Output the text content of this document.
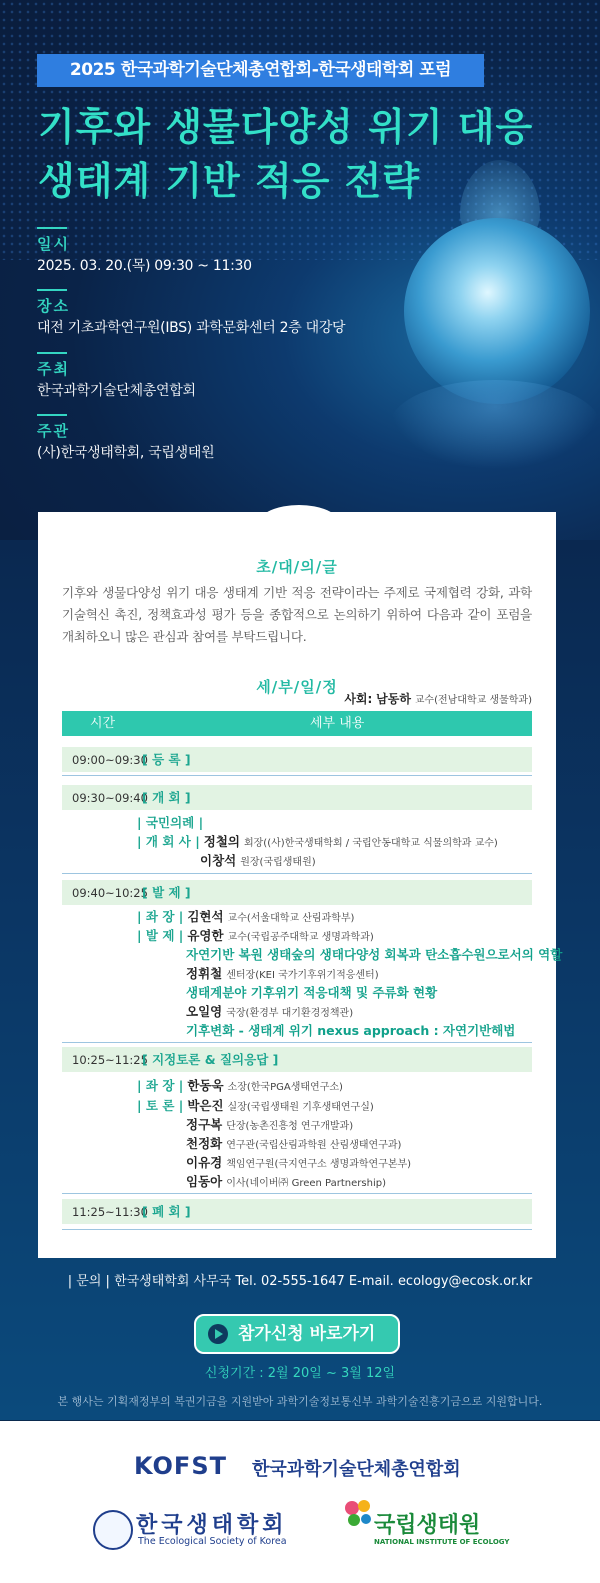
2025 한국과학기술단체총연합회-한국생태학회 포럼
기후와 생물다양성 위기 대응
생태계 기반 적응 전략
일시
2025. 03. 20.(목) 09:30 ~ 11:30
장소
대전 기초과학연구원(IBS) 과학문화센터 2층 대강당
주최
한국과학기술단체총연합회
주관
(사)한국생태학회, 국립생태원
초/대/의/글
기후와 생물다양성 위기 대응 생태계 기반 적응 전략이라는 주제로 국제협력 강화, 과학기술혁신 촉진, 정책효과성 평가 등을 종합적으로 논의하기 위하여 다음과 같이 포럼을 개최하오니 많은 관심과 참여를 부탁드립니다.
세/부/일/정
사회: 남동하 교수(전남대학교 생물학과)
시간	세부 내용
09:00~09:30
[ 등 록 ]
09:30~09:40
[ 개 회 ]
| 국민의례 |
| 개 회 사 | 정철의 회장((사)한국생태학회 / 국립안동대학교 식물의학과 교수)
이창석 원장(국립생태원)
09:40~10:25
[ 발 제 ]
| 좌 장 | 김현석 교수(서울대학교 산림과학부)
| 발 제 | 유영한 교수(국립공주대학교 생명과학과)
자연기반 복원 생태숲의 생태다양성 회복과 탄소흡수원으로서의 역할
정휘철 센터장(KEI 국가기후위기적응센터)
생태계분야 기후위기 적응대책 및 주류화 현황
오일영 국장(환경부 대기환경정책관)
기후변화 - 생태계 위기 nexus approach : 자연기반해법
10:25~11:25
[ 지정토론 & 질의응답 ]
| 좌 장 | 한동욱 소장(한국PGA생태연구소)
| 토 론 | 박은진 실장(국립생태원 기후생태연구실)
정구복 단장(농촌진흥청 연구개발과)
천정화 연구관(국립산림과학원 산림생태연구과)
이유경 책임연구원(극지연구소 생명과학연구본부)
임동아 이사(네이버㈜ Green Partnership)
11:25~11:30
[ 폐 회 ]
| 문의 | 한국생태학회 사무국 Tel. 02-555-1647 E-mail. ecology@ecosk.or.kr
참가신청 바로가기
신청기간 : 2월 20일 ~ 3월 12일
본 행사는 기획재정부의 복권기금을 지원받아 과학기술정보통신부 과학기술진흥기금으로 지원합니다.
KOFST 한국과학기술단체총연합회
한국생태학회
The Ecological Society of Korea
국립생태원
NATIONAL INSTITUTE OF ECOLOGY
